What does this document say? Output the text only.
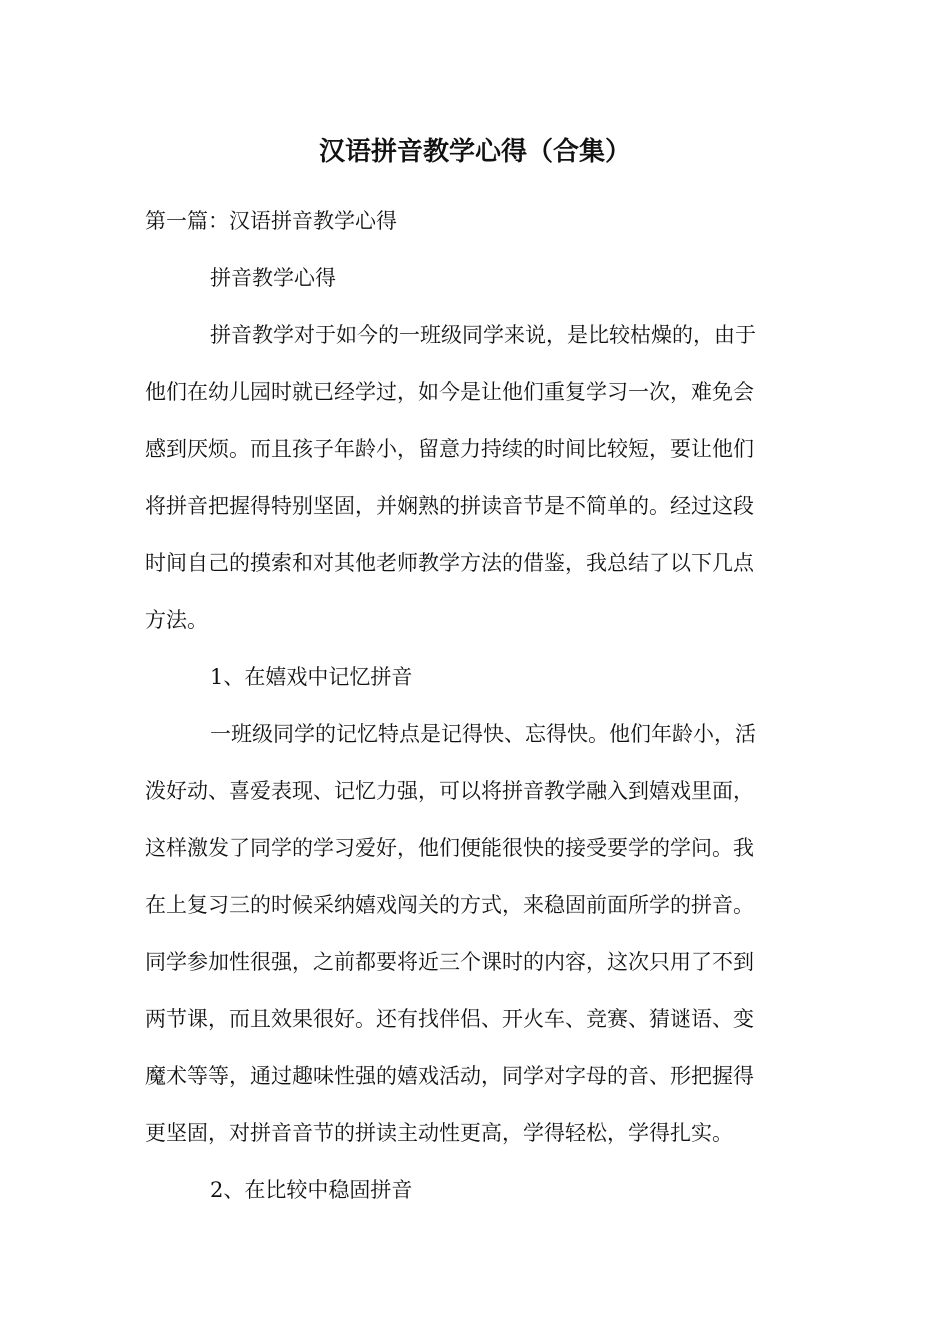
汉语拼音教学心得（合集）

第一篇：汉语拼音教学心得

拼音教学心得

拼音教学对于如今的一班级同学来说，是比较枯燥的，由于

他们在幼儿园时就已经学过，如今是让他们重复学习一次，难免会

感到厌烦。而且孩子年龄小，留意力持续的时间比较短，要让他们

将拼音把握得特别坚固，并娴熟的拼读音节是不简单的。经过这段

时间自己的摸索和对其他老师教学方法的借鉴，我总结了以下几点

方法。

1、在嬉戏中记忆拼音

一班级同学的记忆特点是记得快、忘得快。他们年龄小，活

泼好动、喜爱表现、记忆力强，可以将拼音教学融入到嬉戏里面，

这样激发了同学的学习爱好，他们便能很快的接受要学的学问。我

在上复习三的时候采纳嬉戏闯关的方式，来稳固前面所学的拼音。

同学参加性很强，之前都要将近三个课时的内容，这次只用了不到

两节课，而且效果很好。还有找伴侣、开火车、竞赛、猜谜语、变

魔术等等，通过趣味性强的嬉戏活动，同学对字母的音、形把握得

更坚固，对拼音音节的拼读主动性更高，学得轻松，学得扎实。

2、在比较中稳固拼音
